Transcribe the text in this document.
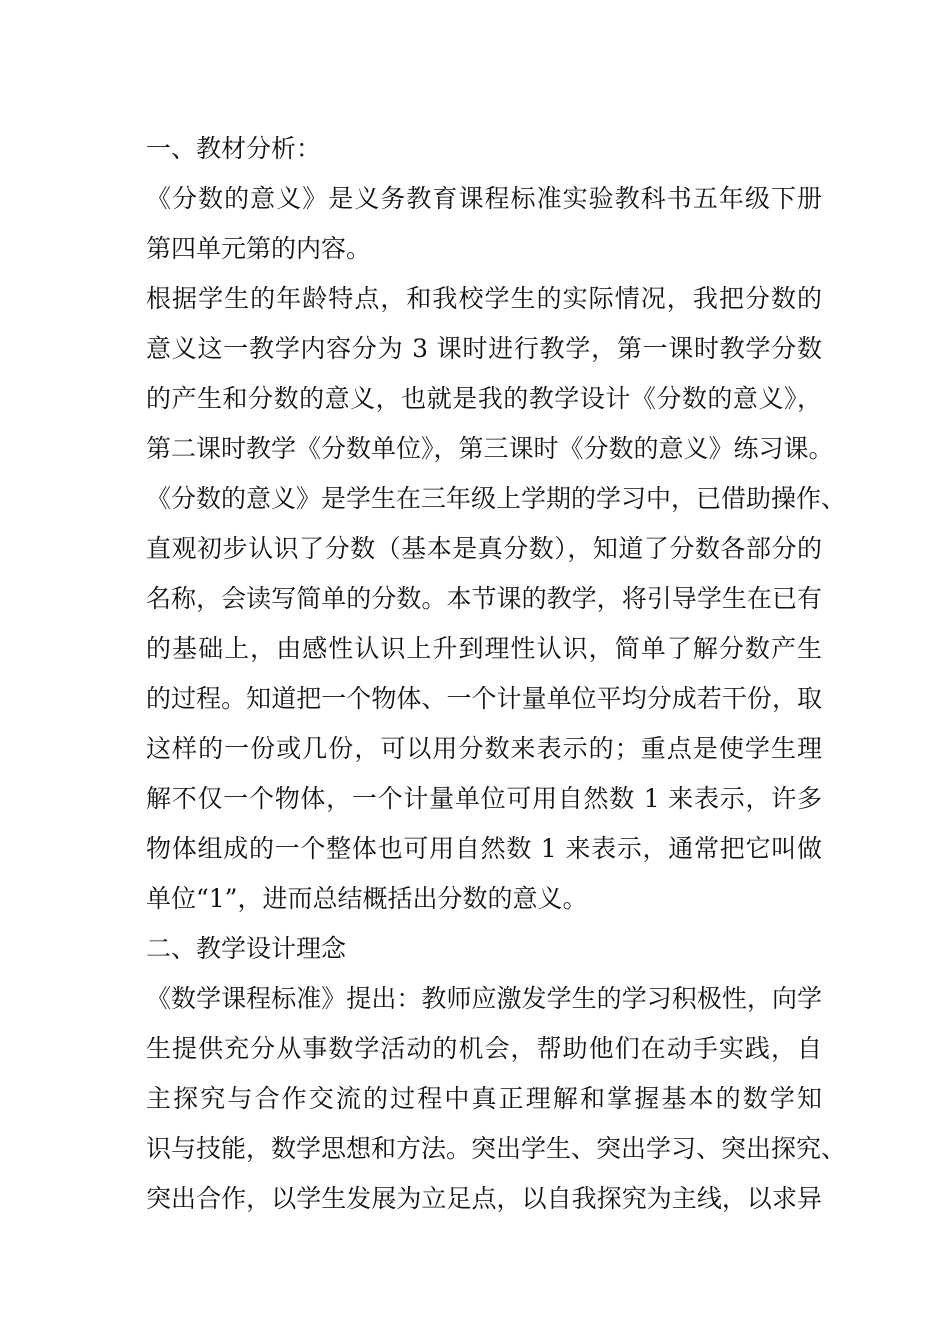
一、教材分析：
《分数的意义》是义务教育课程标准实验教科书五年级下册
第四单元第的内容。
根据学生的年龄特点，和我校学生的实际情况，我把分数的
意义这一教学内容分为 3 课时进行教学，第一课时教学分数
的产生和分数的意义，也就是我的教学设计《分数的意义》，
第二课时教学《分数单位》，第三课时《分数的意义》练习课。
《分数的意义》是学生在三年级上学期的学习中，已借助操作、
直观初步认识了分数（基本是真分数），知道了分数各部分的
名称，会读写简单的分数。本节课的教学，将引导学生在已有
的基础上，由感性认识上升到理性认识，简单了解分数产生
的过程。知道把一个物体、一个计量单位平均分成若干份，取
这样的一份或几份，可以用分数来表示的；重点是使学生理
解不仅一个物体，一个计量单位可用自然数 1 来表示，许多
物体组成的一个整体也可用自然数 1 来表示，通常把它叫做
单位“1”，进而总结概括出分数的意义。
二、教学设计理念
《数学课程标准》提出：教师应激发学生的学习积极性，向学
生提供充分从事数学活动的机会，帮助他们在动手实践，自
主探究与合作交流的过程中真正理解和掌握基本的数学知
识与技能，数学思想和方法。突出学生、突出学习、突出探究、
突出合作，以学生发展为立足点，以自我探究为主线，以求异
